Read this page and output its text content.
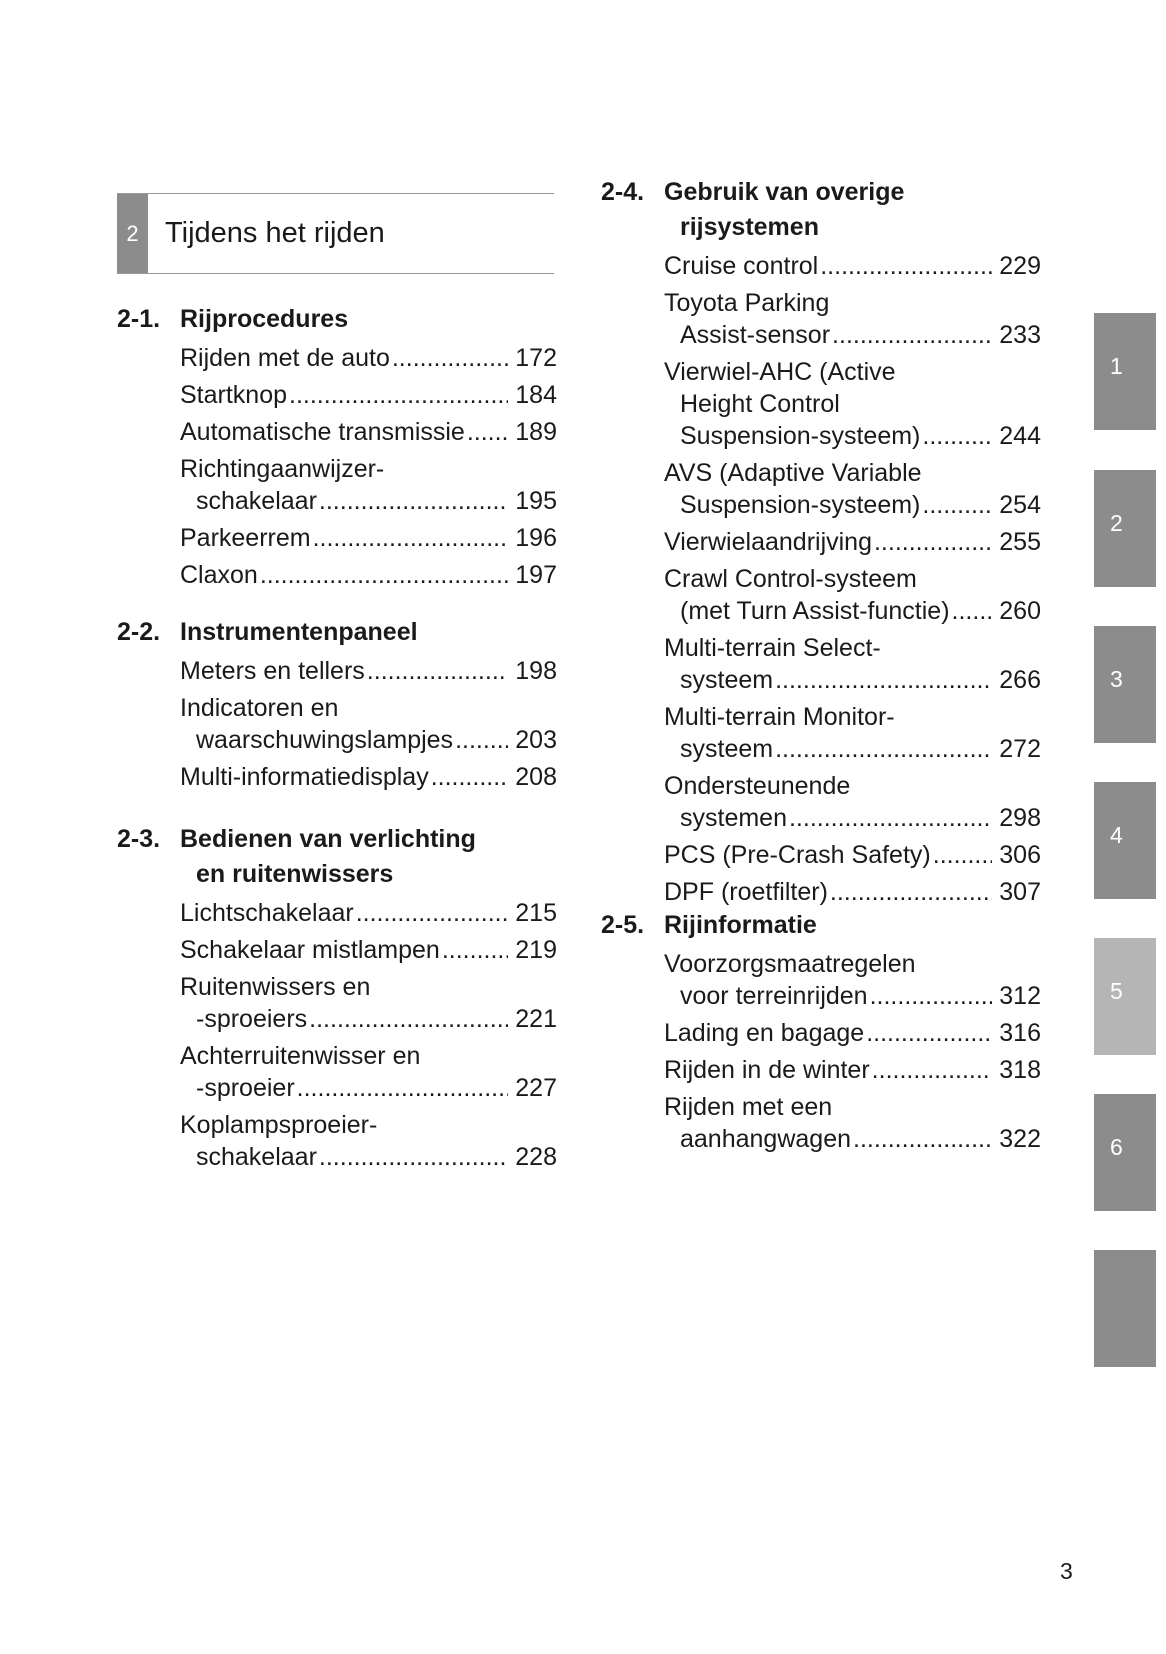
2 Tijdens het rijden
2-1. Rijprocedures
Rijden met de auto .....	172
Startknop .....	184
Automatische transmissie ..... 189
Richtingaanwijzer-
schakelaar .....	195
Parkeerrem .....	196
Claxon .....	197
2-2. Instrumentenpaneel
Meters en tellers .....	198
Indicatoren en
waarschuwingslampjes ..... 203
Multi-informatiedisplay .....	208
2-3. Bedienen van verlichting
en ruitenwissers
Lichtschakelaar .....	215
Schakelaar mistlampen .....	219
Ruitenwissers en
-sproeiers .....	221
Achterruitenwisser en
-sproeier .....	227
Koplampsproeier-
schakelaar .....	228
2-4. Gebruik van overige
rijsystemen
Cruise control .....	229
Toyota Parking
Assist-sensor .....	233
Vierwiel-AHC (Active
Height Control
Suspension-systeem) .....	244
AVS (Adaptive Variable
Suspension-systeem) .....	254
Vierwielaandrijving .....	255
Crawl Control-systeem
(met Turn Assist-functie) ..... 260
Multi-terrain Select-
systeem .....	266
Multi-terrain Monitor-
systeem .....	272
Ondersteunende
systemen .....	298
PCS (Pre-Crash Safety) .....	306
DPF (roetfilter) .....	307
2-5. Rijinformatie
Voorzorgsmaatregelen
voor terreinrijden .....	312
Lading en bagage .....	316
Rijden in de winter .....	318
Rijden met een
aanhangwagen .....	322
1
2
3
4
5
6
3
